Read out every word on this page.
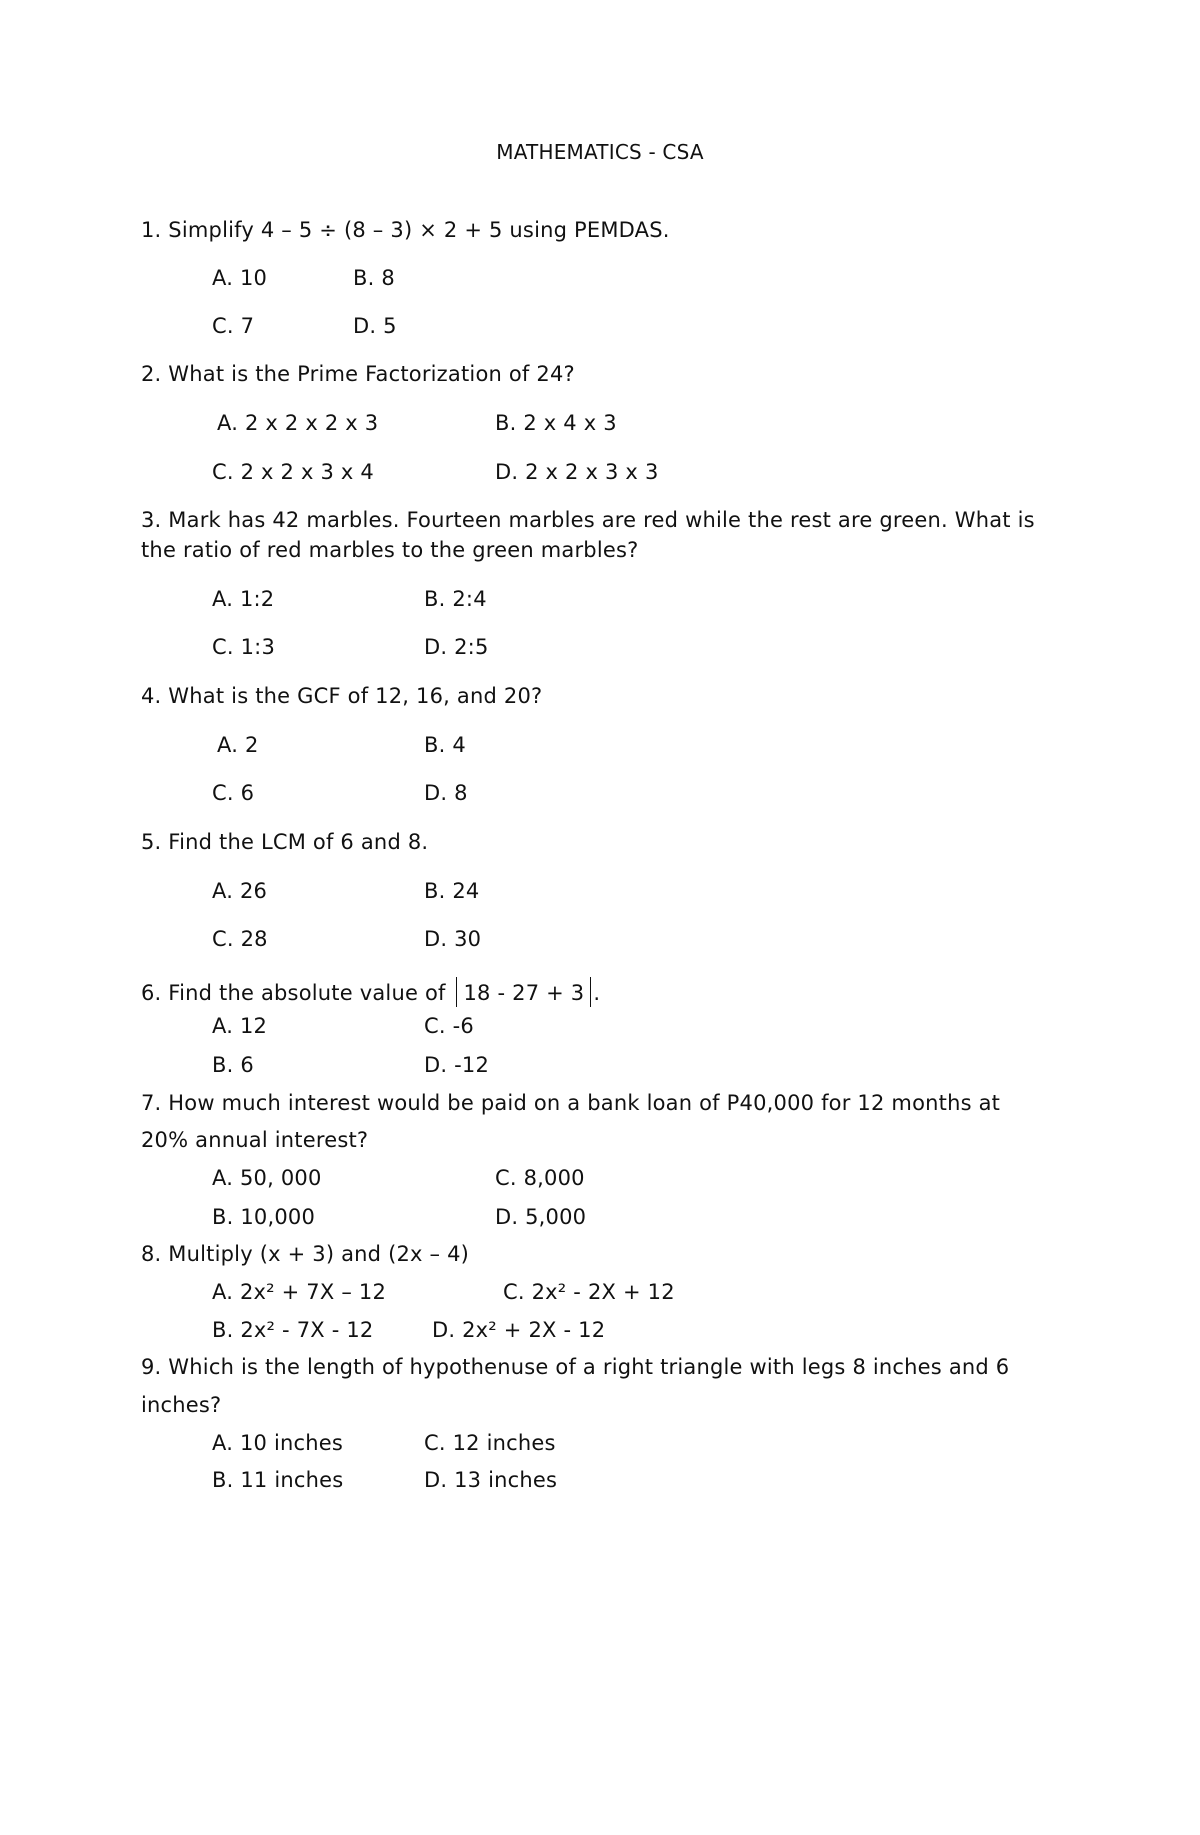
MATHEMATICS - CSA
1. Simplify 4 – 5 ÷ (8 – 3) × 2 + 5 using PEMDAS.
A. 10	B. 8
C. 7	D. 5
2. What is the Prime Factorization of 24?
A. 2 x 2 x 2 x 3	B. 2 x 4 x 3
C. 2 x 2 x 3 x 4	D. 2 x 2 x 3 x 3
3. Mark has 42 marbles. Fourteen marbles are red while the rest are green. What is
the ratio of red marbles to the green marbles?
A. 1:2	B. 2:4
C. 1:3	D. 2:5
4. What is the GCF of 12, 16, and 20?
A. 2	B. 4
C. 6	D. 8
5. Find the LCM of 6 and 8.
A. 26	B. 24
C. 28	D. 30
6. Find the absolute value of 18 - 27 + 3 .
A. 12	C. -6
B. 6	D. -12
7. How much interest would be paid on a bank loan of P40,000 for 12 months at
20% annual interest?
A. 50, 000	C. 8,000
B. 10,000	D. 5,000
8. Multiply (x + 3) and (2x – 4)
A. 2x² + 7X – 12	C. 2x² - 2X + 12
B. 2x² - 7X - 12	D. 2x² + 2X - 12
9. Which is the length of hypothenuse of a right triangle with legs 8 inches and 6
inches?
A. 10 inches	C. 12 inches
B. 11 inches	D. 13 inches
